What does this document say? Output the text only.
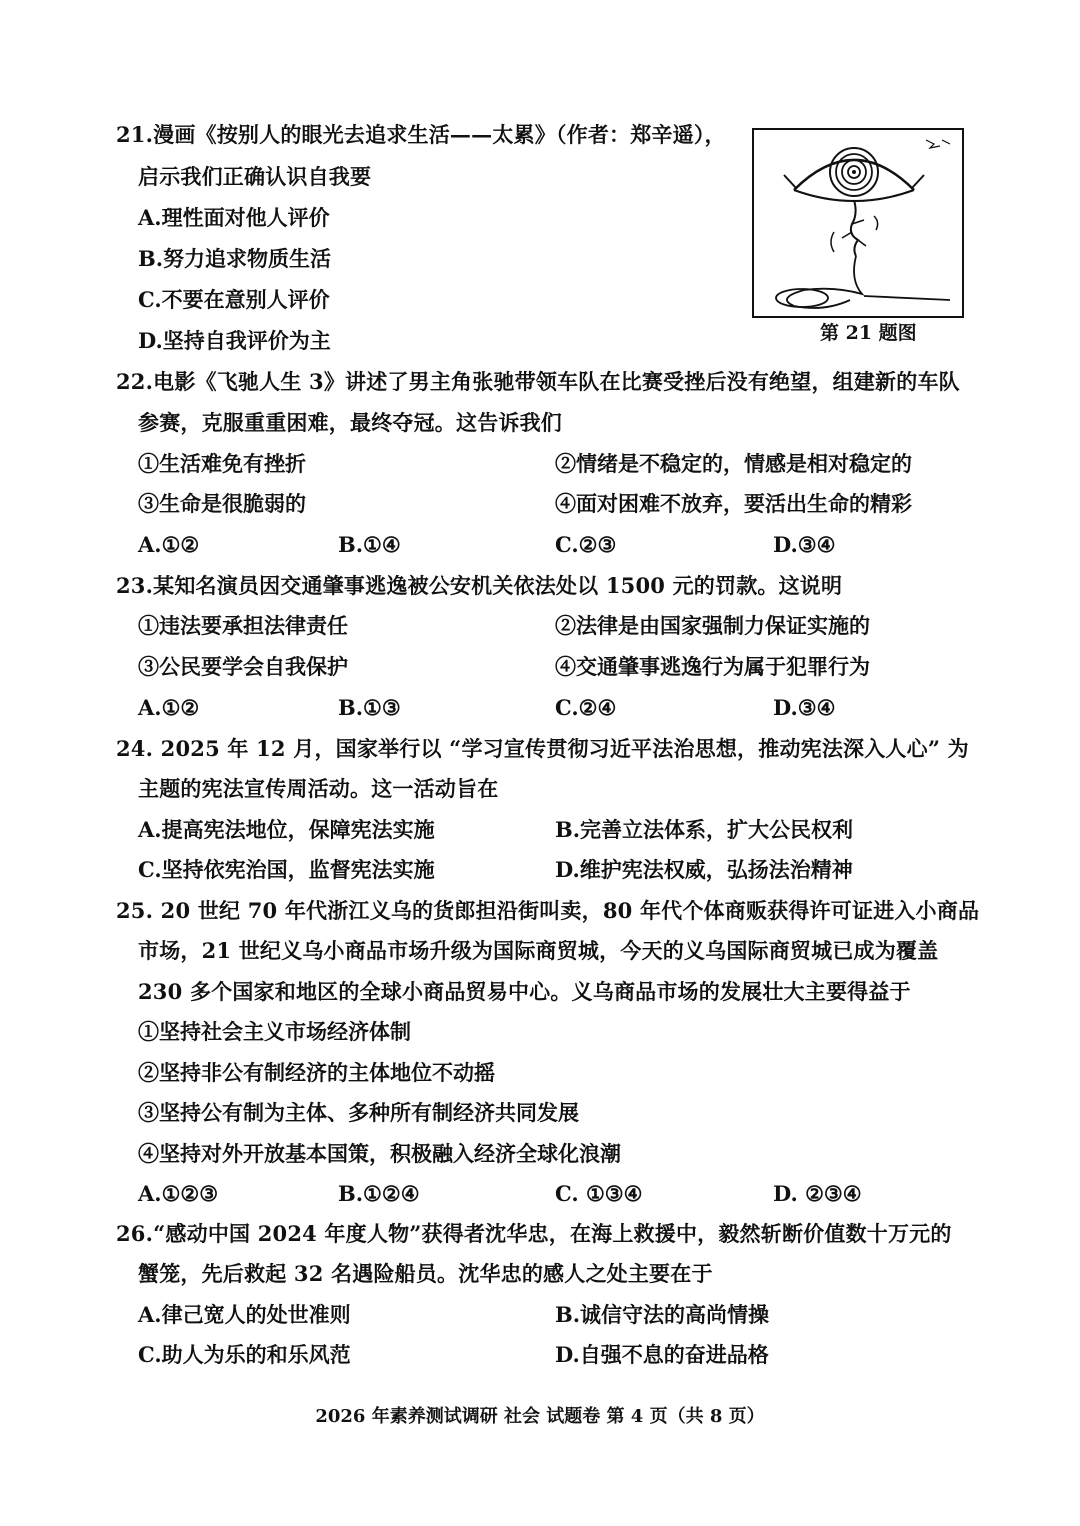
21.漫画《按别人的眼光去追求生活——太累》（作者：郑辛遥），
启示我们正确认识自我要
A.理性面对他人评价
B.努力追求物质生活
C.不要在意别人评价
D.坚持自我评价为主	第 21 题图
22.电影《飞驰人生 3》讲述了男主角张驰带领车队在比赛受挫后没有绝望，组建新的车队
参赛，克服重重困难，最终夺冠。这告诉我们
①生活难免有挫折	②情绪是不稳定的，情感是相对稳定的
③生命是很脆弱的	④面对困难不放弃，要活出生命的精彩
A.①②	B.①④	C.②③	D.③④
23.某知名演员因交通肇事逃逸被公安机关依法处以 1500 元的罚款。这说明
①违法要承担法律责任	②法律是由国家强制力保证实施的
③公民要学会自我保护	④交通肇事逃逸行为属于犯罪行为
A.①②	B.①③	C.②④	D.③④
24. 2025 年 12 月，国家举行以 “学习宣传贯彻习近平法治思想，推动宪法深入人心” 为
主题的宪法宣传周活动。这一活动旨在
A.提高宪法地位，保障宪法实施	B.完善立法体系，扩大公民权利
C.坚持依宪治国，监督宪法实施	D.维护宪法权威，弘扬法治精神
25. 20 世纪 70 年代浙江义乌的货郎担沿街叫卖，80 年代个体商贩获得许可证进入小商品
市场，21 世纪义乌小商品市场升级为国际商贸城，今天的义乌国际商贸城已成为覆盖
230 多个国家和地区的全球小商品贸易中心。义乌商品市场的发展壮大主要得益于
①坚持社会主义市场经济体制
②坚持非公有制经济的主体地位不动摇
③坚持公有制为主体、多种所有制经济共同发展
④坚持对外开放基本国策，积极融入经济全球化浪潮
A.①②③	B.①②④	C. ①③④	D. ②③④
26.“感动中国 2024 年度人物”获得者沈华忠，在海上救援中，毅然斩断价值数十万元的
蟹笼，先后救起 32 名遇险船员。沈华忠的感人之处主要在于
A.律己宽人的处世准则	B.诚信守法的高尚情操
C.助人为乐的和乐风范	D.自强不息的奋进品格
2026 年素养测试调研 社会 试题卷 第 4 页（共 8 页）
